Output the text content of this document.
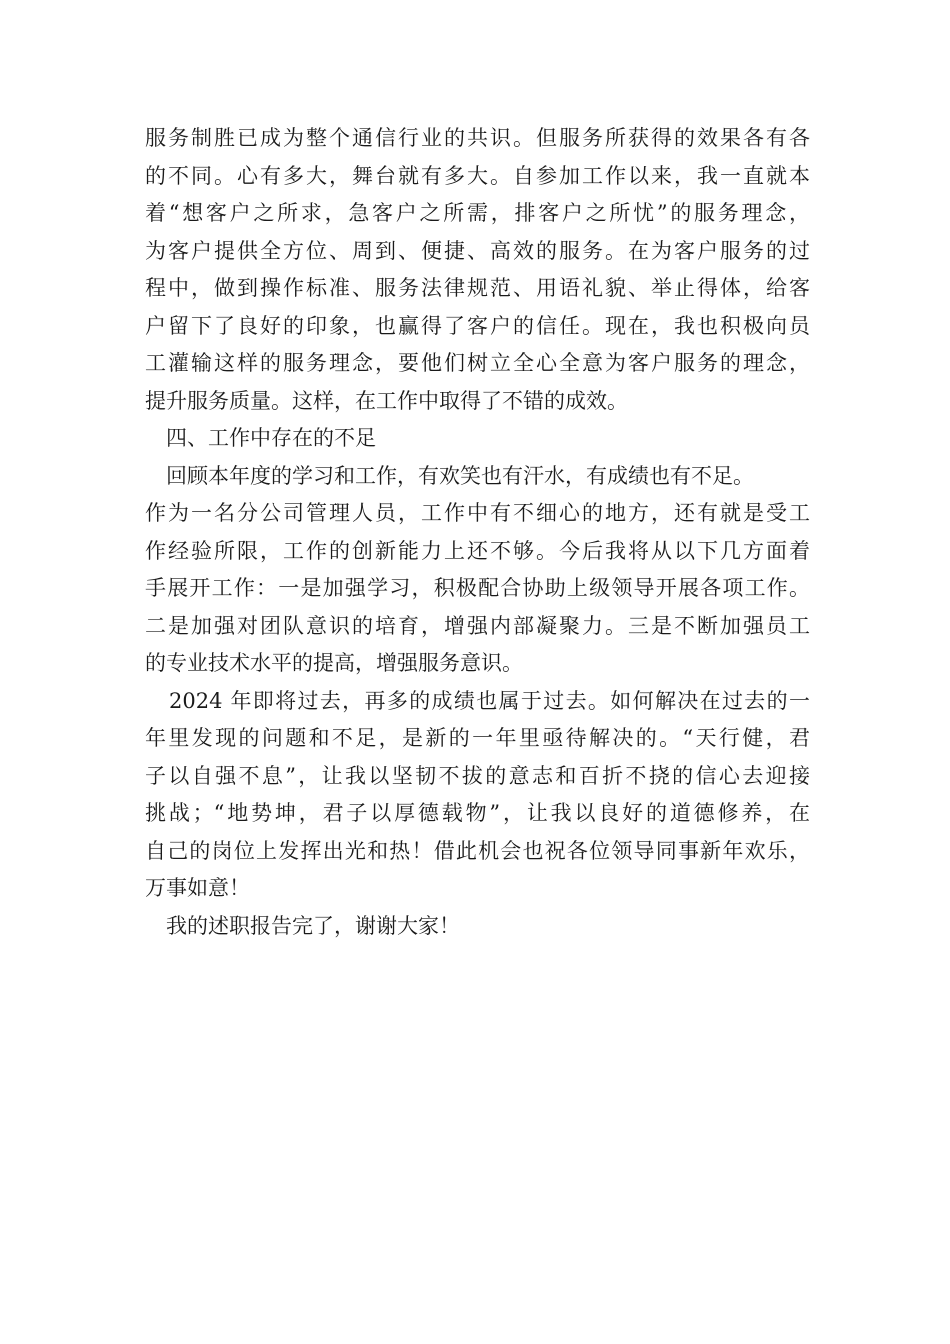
服务制胜已成为整个通信行业的共识。但服务所获得的效果各有各
的不同。心有多大，舞台就有多大。自参加工作以来，我一直就本
着“想客户之所求，急客户之所需，排客户之所忧”的服务理念，
为客户提供全方位、周到、便捷、高效的服务。在为客户服务的过
程中，做到操作标准、服务法律规范、用语礼貌、举止得体，给客
户留下了良好的印象，也赢得了客户的信任。现在，我也积极向员
工灌输这样的服务理念，要他们树立全心全意为客户服务的理念，
提升服务质量。这样，在工作中取得了不错的成效。
四、工作中存在的不足
回顾本年度的学习和工作，有欢笑也有汗水，有成绩也有不足。
作为一名分公司管理人员，工作中有不细心的地方，还有就是受工
作经验所限，工作的创新能力上还不够。今后我将从以下几方面着
手展开工作：一是加强学习，积极配合协助上级领导开展各项工作。
二是加强对团队意识的培育，增强内部凝聚力。三是不断加强员工
的专业技术水平的提高，增强服务意识。
2024 年即将过去，再多的成绩也属于过去。如何解决在过去的一
年里发现的问题和不足，是新的一年里亟待解决的。“天行健，君
子以自强不息”，让我以坚韧不拔的意志和百折不挠的信心去迎接
挑战；“地势坤，君子以厚德载物”，让我以良好的道德修养，在
自己的岗位上发挥出光和热！借此机会也祝各位领导同事新年欢乐，
万事如意！
我的述职报告完了，谢谢大家！
